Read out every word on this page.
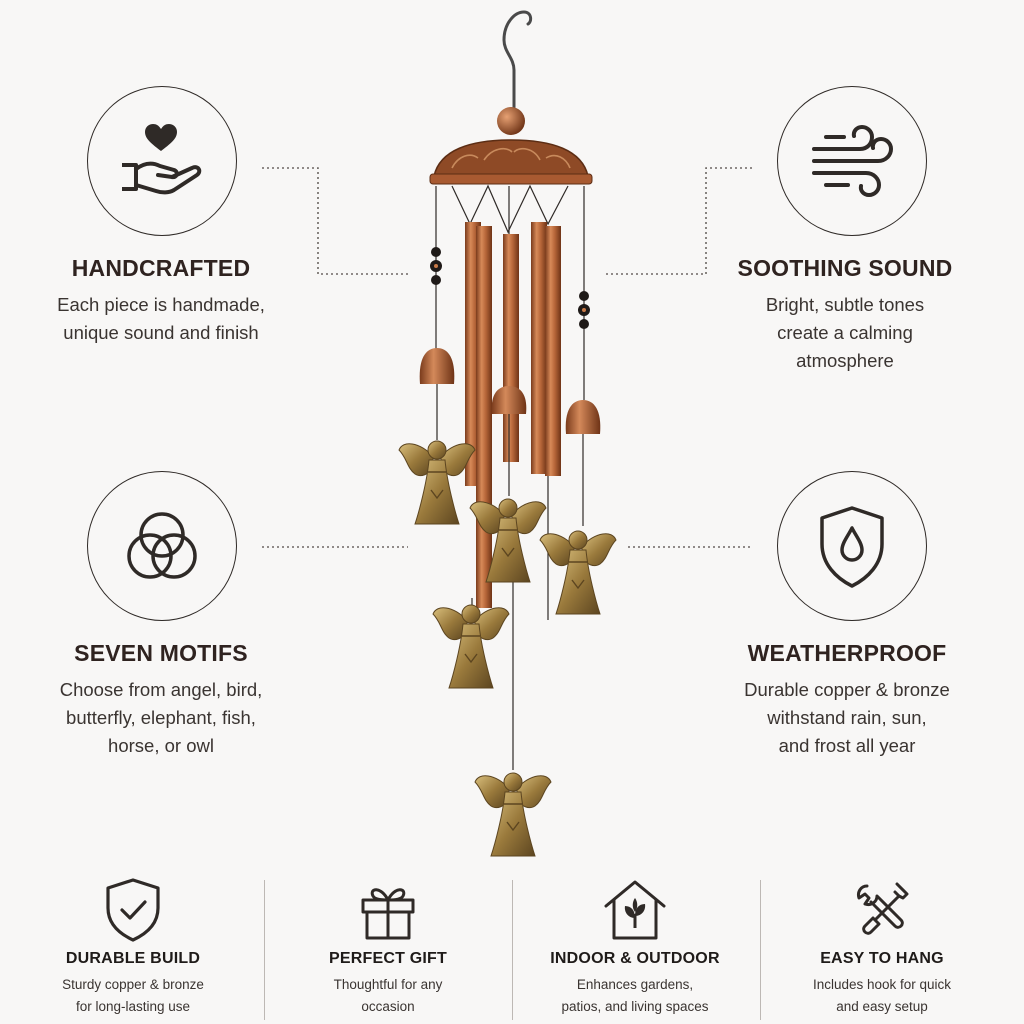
HANDCRAFTED
Each piece is handmade,
unique sound and finish
SOOTHING SOUND
Bright, subtle tones
create a calming
atmosphere
SEVEN MOTIFS
Choose from angel, bird,
butterfly, elephant, fish,
horse, or owl
WEATHERPROOF
Durable copper & bronze
withstand rain, sun,
and frost all year
DURABLE BUILD
Sturdy copper & bronze
for long-lasting use
PERFECT GIFT
Thoughtful for any
occasion
INDOOR & OUTDOOR
Enhances gardens,
patios, and living spaces
EASY TO HANG
Includes hook for quick
and easy setup
